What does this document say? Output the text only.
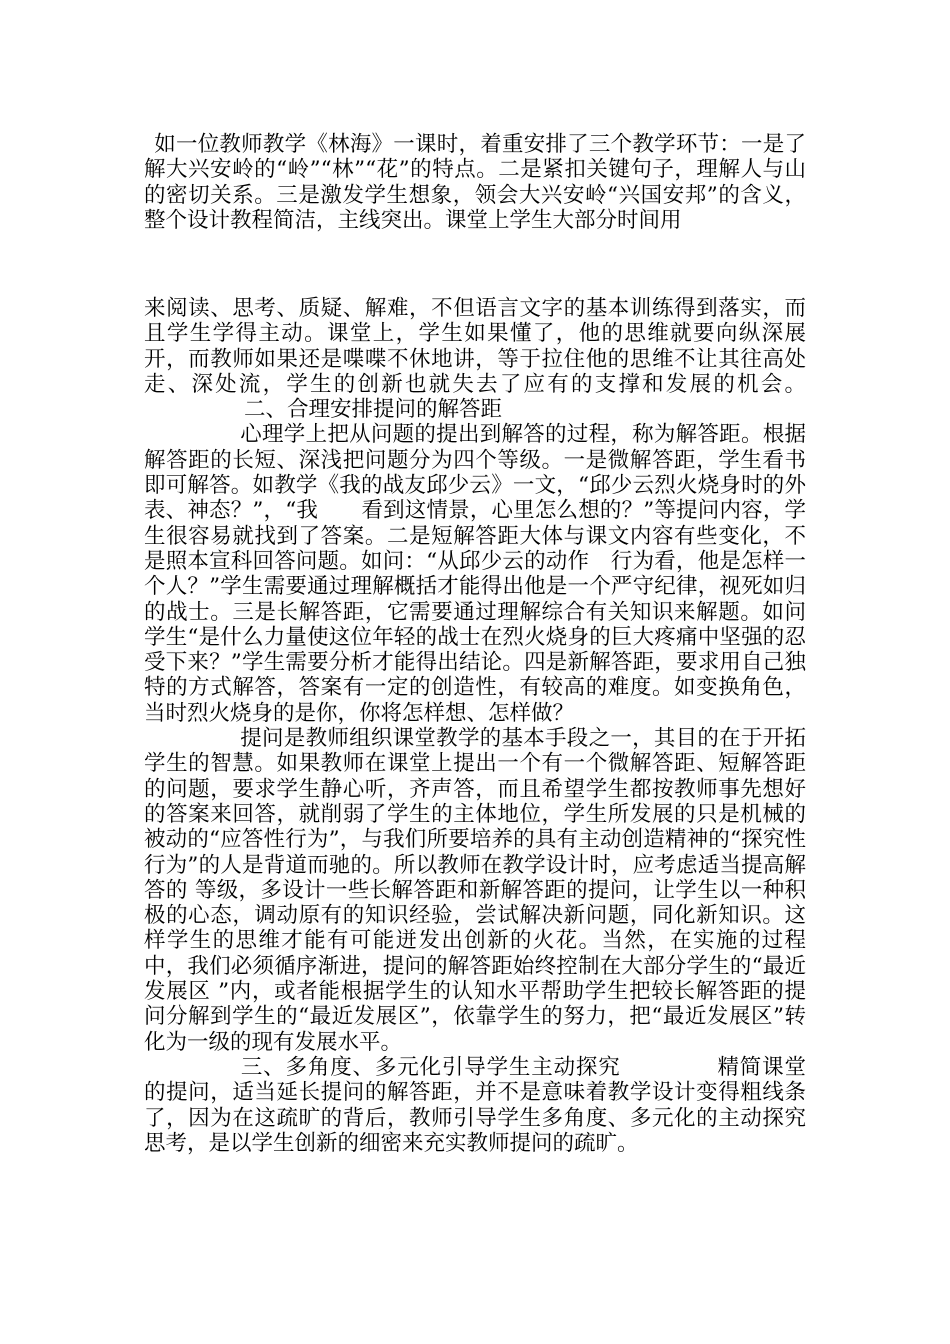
如一位教师教学《林海》一课时，着重安排了三个教学环节：一是了解大兴安岭的“岭”“林”“花”的特点。二是紧扣关键句子，理解人与山的密切关系。三是激发学生想象，领会大兴安岭“兴国安邦”的含义，整个设计教程简洁，主线突出。课堂上学生大部分时间用

来阅读、思考、质疑、解难，不但语言文字的基本训练得到落实，而且学生学得主动。课堂上，学生如果懂了，他的思维就要向纵深展开，而教师如果还是喋喋不休地讲，等于拉住他的思维不让其往高处走、深处流，学生的创新也就失去了应有的支撑和发展的机会。二、合理安排提问的解答距

心理学上把从问题的提出到解答的过程，称为解答距。根据解答距的长短、深浅把问题分为四个等级。一是微解答距，学生看书即可解答。如教学《我的战友邱少云》一文，“邱少云烈火烧身时的外表、神态？”，“我　　看到这情景，心里怎么想的？”等提问内容，学生很容易就找到了答案。二是短解答距大体与课文内容有些变化，不是照本宣科回答问题。如问：“从邱少云的动作　行为看，他是怎样一个人？”学生需要通过理解概括才能得出他是一个严守纪律，视死如归的战士。三是长解答距，它需要通过理解综合有关知识来解题。如问学生“是什么力量使这位年轻的战士在烈火烧身的巨大疼痛中坚强的忍受下来？”学生需要分析才能得出结论。四是新解答距，要求用自己独特的方式解答，答案有一定的创造性，有较高的难度。如变换角色，当时烈火烧身的是你，你将怎样想、怎样做？

提问是教师组织课堂教学的基本手段之一，其目的在于开拓学生的智慧。如果教师在课堂上提出一个有一个微解答距、短解答距的问题，要求学生静心听，齐声答，而且希望学生都按教师事先想好的答案来回答，就削弱了学生的主体地位，学生所发展的只是机械的被动的“应答性行为”，与我们所要培养的具有主动创造精神的“探究性行为”的人是背道而驰的。所以教师在教学设计时，应考虑适当提高解答的 等级，多设计一些长解答距和新解答距的提问，让学生以一种积极的心态，调动原有的知识经验，尝试解决新问题，同化新知识。这样学生的思维才能有可能迸发出创新的火花。当然，在实施的过程中，我们必须循序渐进，提问的解答距始终控制在大部分学生的“最近发展区 ”内，或者能根据学生的认知水平帮助学生把较长解答距的提问分解到学生的“最近发展区”，依靠学生的努力，把“最近发展区”转化为一级的现有发展水平。

三、多角度、多元化引导学生主动探究	精简课堂的提问，适当延长提问的解答距，并不是意味着教学设计变得粗线条了，因为在这疏旷的背后，教师引导学生多角度、多元化的主动探究思考，是以学生创新的细密来充实教师提问的疏旷。
